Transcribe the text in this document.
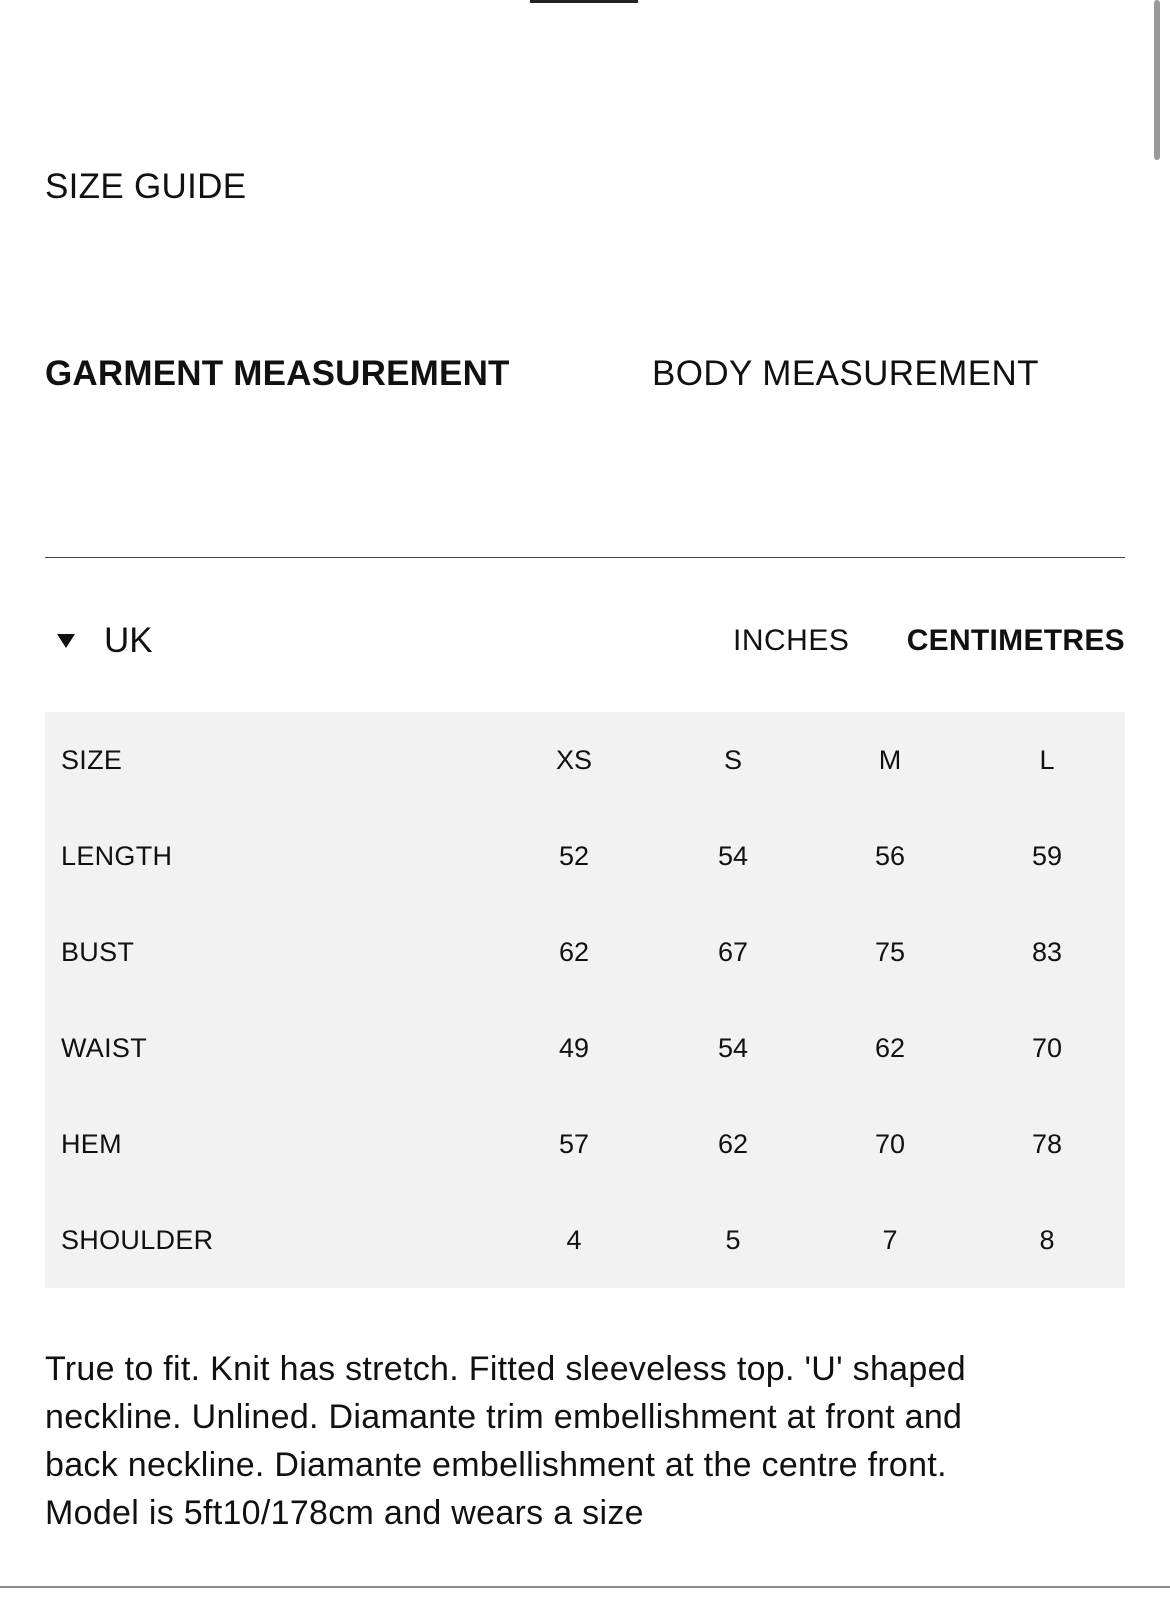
SIZE GUIDE
GARMENT MEASUREMENT	BODY MEASUREMENT
UK	INCHES CENTIMETRES
SIZE	XS	S	M	L
LENGTH	52	54	56	59
BUST	62	67	75	83
WAIST	49	54	62	70
HEM	57	62	70	78
SHOULDER	4	5	7	8

True to fit. Knit has stretch. Fitted sleeveless top. 'U' shaped neckline. Unlined. Diamante trim embellishment at front and back neckline. Diamante embellishment at the centre front. Model is 5ft10/178cm and wears a size
